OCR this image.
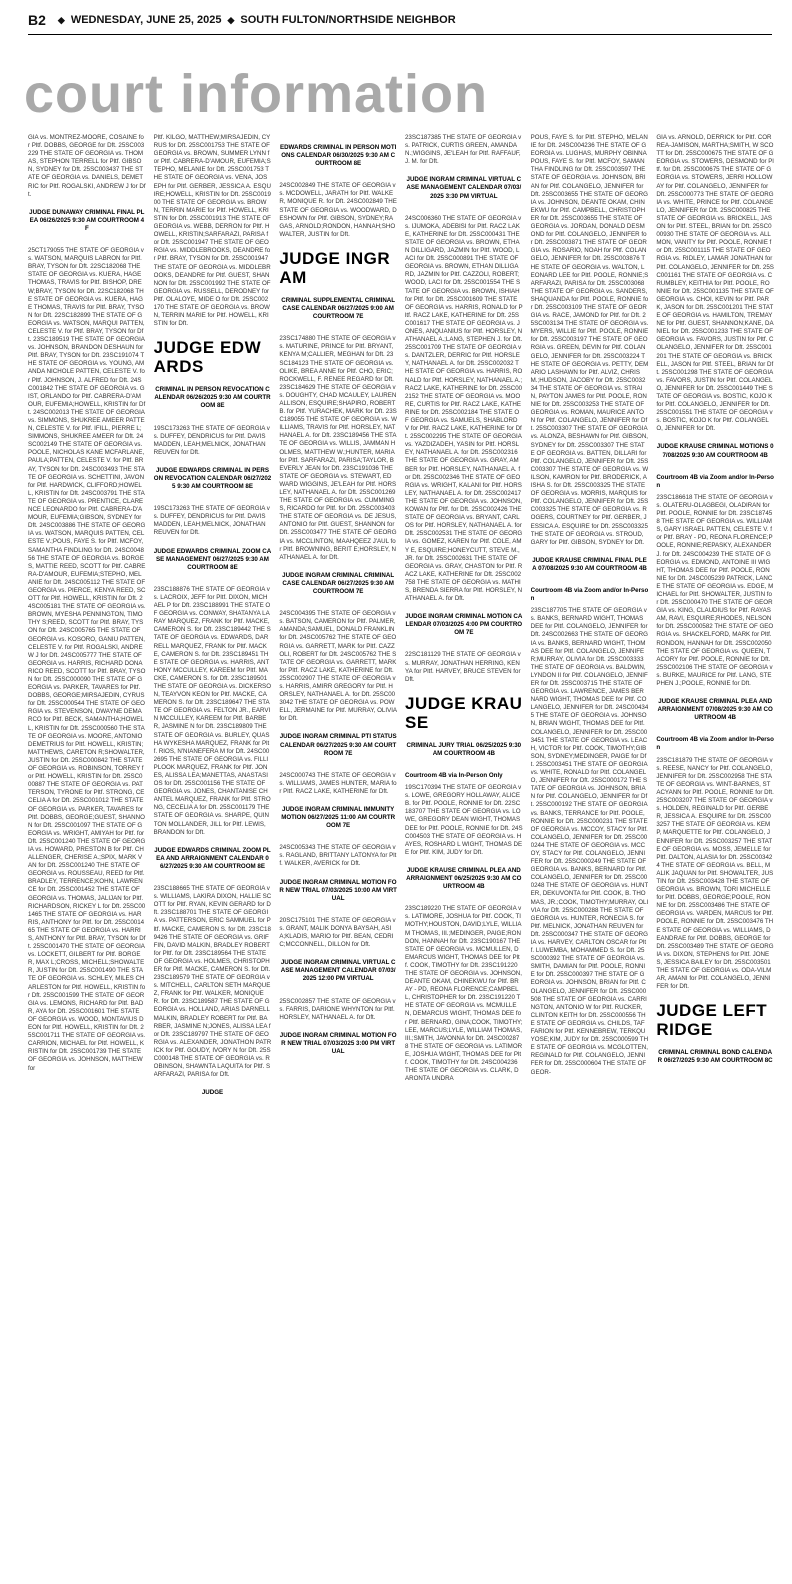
B2 ◆ WEDNESDAY, JUNE 25, 2025 ◆ SOUTH FULTON/NORTHSIDE NEIGHBOR
court information

GIA vs. MONTREZ-MOORE, COSAINE for Pltf. DOBBS, GEORGE for Dft. 25SC003229 THE STATE OF GEORGIA vs. THOMAS, STEPHON TERRELL for Pltf. GIBSON, SYDNEY for Dft. 25SC003437 THE STATE OF GEORGIA vs. DANIELS, DEMETRIC for Pltf. ROGALSKI, ANDREW J for Dft.

JUDGE DUNAWAY CRIMINAL FINAL PLEA 06/26/2025 9:30 AM COURTROOM 4F

25CT179055 THE STATE OF GEORGIA vs. WATSON, MARQUIS LABRON for Pltf. BRAY, TYSON for Dft. 22SC182068 THE STATE OF GEORGIA vs. KUERA, HAGE THOMAS, TRAVIS for Pltf. BISHOP, DREW;BRAY, TYSON for Dft. 22SC182068 THE STATE OF GEORGIA vs. KUERA, HAGE THOMAS, TRAVIS for Pltf. BRAY, TYSON for Dft. 22SC182899 THE STATE OF GEORGIA vs. WATSON, MARQUI PATTEN, CELESTE V. for Pltf. BRAY, TYSON for Dft. 23SC189519 THE STATE OF GEORGIA vs. JOHNSON, BRANDON DESHAUN for Pltf. BRAY, TYSON for Dft. 23SC191074 THE STATE OF GEORGIA vs. YOUNG, AMANDA NICHOLE PATTEN, CELESTE V. for Pltf. JOHNSON, J. ALFRED for Dft. 24SC001842 THE STATE OF GEORGIA vs. GIST, ORLANDO for Pltf. CABRERA-D'AMOUR, EUFEMIA;HOWELL, KRISTIN for Dft. 24SC002013 THE STATE OF GEORGIA vs. SIMMONS, SHUKREE AMEER PATTEN, CELESTE V. for Pltf. IFILL, PIERRE L;SIMMONS, SHUKREE AMEER for Dft. 24SC002149 THE STATE OF GEORGIA vs. POOLE, NICHOLAS KANE MCFARLANE, PAULA;PATTEN, CELESTE V. for Pltf. BRAY, TYSON for Dft. 24SC003493 THE STATE OF GEORGIA vs. SCHETTINI, JAVON for Pltf. HARDWICK, CLIFFORD;HOWELL, KRISTIN for Dft. 24SC003791 THE STATE OF GEORGIA vs. PRENTICE, CLARENCE LEONARDO for Pltf. CABRERA-D'AMOUR, EUFEMIA;GIBSON, SYDNEY for Dft. 24SC003886 THE STATE OF GEORGIA vs. WATSON, MARQUIS PATTEN, CELESTE V.;POUS, FAYE S. for Pltf. MCFOY, SAMANTHA FINDLING for Dft. 24SC004856 THE STATE OF GEORGIA vs. BORGES, MATTIE REED, SCOTT for Pltf. CABRERA-D'AMOUR, EUFEMIA;STEPHO, MELANIE for Dft. 24SC005112 THE STATE OF GEORGIA vs. PIERCE, KENYA REED, SCOTT for Pltf. HOWELL, KRISTIN for Dft. 24SC005181 THE STATE OF GEORGIA vs. BROWN, MYESHA PENNINGTON, TIMOTHY S;REED, SCOTT for Pltf. BRAY, TYSON for Dft. 24SC005765 THE STATE OF GEORGIA vs. KOSORO, GANIU PATTEN, CELESTE V. for Pltf. ROGALSKI, ANDREW J for Dft. 24SC005777 THE STATE OF GEORGIA vs. HARRIS, RICHARD DONARICO REED, SCOTT for Pltf. BRAY, TYSON for Dft. 25SC000090 THE STATE OF GEORGIA vs. PARKER, TAVARES for Pltf. DOBBS, GEORGE;MIRSAJEDIN, CYRUS for Dft. 25SC000544 THE STATE OF GEORGIA vs. STEVENSON, DWAYNE DEMARCO for Pltf. BECK, SAMANTHA;HOWELL, KRISTIN for Dft. 25SC000560 THE STATE OF GEORGIA vs. MOORE, ANTONIO DEMETRIUS for Pltf. HOWELL, KRISTIN;MATTHEWS, CARETON R;SHOWALTER, JUSTIN for Dft. 25SC000842 THE STATE OF GEORGIA vs. ROBINSON, TORREY for Pltf. HOWELL, KRISTIN for Dft. 25SC000887 THE STATE OF GEORGIA vs. PATTERSON, TYRONE for Pltf. STRONG, CECELIA A for Dft. 25SC001012 THE STATE OF GEORGIA vs. PARKER, TAVARES for Pltf. DOBBS, GEORGE;GUEST, SHANNON for Dft. 25SC001097 THE STATE OF GEORGIA vs. WRIGHT, AMIYAH for Pltf. for Dft. 25SC001240 THE STATE OF GEORGIA vs. HOWARD, PRESTON B for Pltf. CHALLENGER, CHERISE A.;SPIX, MARK VAN for Dft. 25SC001240 THE STATE OF GEORGIA vs. ROUSSEAU, REED for Pltf. BRADLEY, TERRENCE;KOHN, LAWRENCE for Dft. 25SC001452 THE STATE OF GEORGIA vs. THOMAS, JALIJAN for Pltf. RICHARDSON, RICKEY L for Dft. 25SC001465 THE STATE OF GEORGIA vs. HARRIS, ANTHONY for Pltf. for Dft. 25SC001465 THE STATE OF GEORGIA vs. HARRIS, ANTHONY for Pltf. BRAY, TYSON for Dft. 25SC001470 THE STATE OF GEORGIA vs. LOCKETT, GILBERT for Pltf. BORGER, MAX L;CROSS, MICHELL;SHOWALTER, JUSTIN for Dft. 25SC001490 THE STATE OF GEORGIA vs. SCHLEY, MILES CHARLESTON for Pltf. HOWELL, KRISTIN for Dft. 25SC001599 THE STATE OF GEORGIA vs. LEMONS, RICHARD for Pltf. BADR, AYA for Dft. 25SC001601 THE STATE OF GEORGIA vs. WOOD, MONTAVIUS DEON for Pltf. HOWELL, KRISTIN for Dft. 25SC001711 THE STATE OF GEORGIA vs. CARRION, MICHAEL for Pltf. HOWELL, KRISTIN for Dft. 25SC001739 THE STATE OF GEORGIA vs. JOHNSON, MATTHEW for

Pltf. KILGO, MATTHEW;MIRSAJEDIN, CYRUS for Dft. 25SC001753 THE STATE OF GEORGIA vs. BROWN, SUMMER LYNN for Pltf. CABRERA-D'AMOUR, EUFEMIA;STEPHO, MELANIE for Dft. 25SC001753 THE STATE OF GEORGIA vs. VENA, JOSEPH for Pltf. GERBER, JESSICA A. ESQUIRE;HOWELL, KRISTIN for Dft. 25SC001900 THE STATE OF GEORGIA vs. BROWN, TERRIN MARIE for Pltf. HOWELL, KRISTIN for Dft. 25SC001913 THE STATE OF GEORGIA vs. WEBB, DERRON for Pltf. HOWELL, KRISTIN;SARFARAZI, PARISA for Dft. 25SC001947 THE STATE OF GEORGIA vs. MIDDLEBROOKS, DEANDRE for Pltf. BRAY, TYSON for Dft. 25SC001947 THE STATE OF GEORGIA vs. MIDDLEBROOKS, DEANDRE for Pltf. GUEST, SHANNON for Dft. 25SC001992 THE STATE OF GEORGIA vs. RUSSELL, DERODNEY for Pltf. OLALOYE, MIDE O for Dft. 25SC002170 THE STATE OF GEORGIA vs. BROWN, TERRIN MARIE for Pltf. HOWELL, KRISTIN for Dft.

JUDGE EDWARDS
CRIMINAL IN PERSON REVOCATION CALENDAR 06/26/2025 9:30 AM COURTROOM 8E

19SC173263 THE STATE OF GEORGIA vs. DUFFEY, DENDRICUS for Pltf. DAVIS MADDEN, LEAH;MELNICK, JONATHAN REUVEN for Dft.

JUDGE EDWARDS CRIMINAL IN PERSON REVOCATION CALENDAR 06/27/2025 9:30 AM COURTROOM 8E

19SC173263 THE STATE OF GEORGIA vs. DUFFEY, DENDRICUS for Pltf. DAVIS MADDEN, LEAH;MELNICK, JONATHAN REUVEN for Dft.

JUDGE EDWARDS CRIMINAL ZOOM CASE MANAGEMENT 06/27/2025 9:30 AM COURTROOM 8E

23SC188876 THE STATE OF GEORGIA vs. LACROIX, JEFF for Pltf. DIXON, MICHAEL P for Dft. 23SC188991 THE STATE OF GEORGIA vs. CONWAY, SHATANYA LARAY MARQUEZ, FRANK for Pltf. MACKE, CAMERON S. for Dft. 23SC189442 THE STATE OF GEORGIA vs. EDWARDS, DARRELL MARQUEZ, FRANK for Pltf. MACKE, CAMERON S. for Dft. 23SC189451 THE STATE OF GEORGIA vs. HARRIS, ANTHONY MCCULLEY, KAREEM for Pltf. MACKE, CAMERON S. for Dft. 23SC189501 THE STATE OF GEORGIA vs. DICKERSON, TEAYVON KEON for Pltf. MACKE, CAMERON S. for Dft. 23SC189647 THE STATE OF GEORGIA vs. FELTON JR., EARVIN MCCULLEY, KAREEM for Pltf. BARBER, JASMINE N for Dft. 23SC189809 THE STATE OF GEORGIA vs. BURLEY, QUASHA WYKESHA MARQUEZ, FRANK for Pltf. RIOS, N'NIANEFERA M for Dft. 24SC002695 THE STATE OF GEORGIA vs. FILLIPLOOK MARQUEZ, FRANK for Pltf. JONES, ALISSA LEA;MANETTAS, ANASTASIOS for Dft. 25SC001156 THE STATE OF GEORGIA vs. JONES, CHANTANISE CHANTEL MARQUEZ, FRANK for Pltf. STRONG, CECELIA A for Dft. 25SC001179 THE STATE OF GEORGIA vs. SHARPE, QUINTON MOLLANDER, JILL for Pltf. LEWIS, BRANDON for Dft.

JUDGE EDWARDS CRIMINAL ZOOM PLEA AND ARRAIGNMENT CALENDAR 06/27/2025 9:30 AM COURTROOM 8E

23SC188665 THE STATE OF GEORGIA vs. WILLIAMS, LAKIRA DIXON, HALLIE SCOTT for Pltf. RYAN, KEVIN GERARD for Dft. 23SC188701 THE STATE OF GEORGIA vs. PATTERSON, ERIC SAMMUEL for Pltf. MACKE, CAMERON S. for Dft. 23SC189426 THE STATE OF GEORGIA vs. GRIFFIN, DAVID MALKIN, BRADLEY ROBERT for Pltf. for Dft. 23SC189564 THE STATE OF GEORGIA vs. HOLMES, CHRISTOPHER for Pltf. MACKE, CAMERON S. for Dft. 23SC189579 THE STATE OF GEORGIA vs. MITCHELL, CARLTON SETH MARQUEZ, FRANK for Pltf. WALKER, MONIQUE R. for Dft. 23SC189587 THE STATE OF GEORGIA vs. HOLLAND, ARIAS DARNELL MALKIN, BRADLEY ROBERT for Pltf. BARBER, JASMINE N;JONES, ALISSA LEA for Dft. 23SC189797 THE STATE OF GEORGIA vs. ALEXANDER, JONATHON PATRICK for Pltf. GOUDY, IVORY N for Dft. 25SC000148 THE STATE OF GEORGIA vs. ROBINSON, SHAWNTA LAQUITA for Pltf. SARFARAZI, PARISA for Dft.

JUDGE
EDWARDS CRIMINAL IN PERSON MOTIONS CALENDAR 06/30/2025 9:30 AM COURTROOM 8E

24SC002849 THE STATE OF GEORGIA vs. MCDOWELL, JARATH for Pltf. WALKER, MONIQUE R. for Dft. 24SC002849 THE STATE OF GEORGIA vs. WOODWARD, DESHOWN for Pltf. GIBSON, SYDNEY;RAGAS, ARNOLD;RONDON, HANNAH;SHOWALTER, JUSTIN for Dft.

JUDGE INGRAM
CRIMINAL SUPPLEMENTAL CRIMINAL CASE CALENDAR 06/27/2025 9:00 AM COURTROOM 7E

23SC174880 THE STATE OF GEORGIA vs. MATURINE, PRINCE for Pltf. BRYANT, KENYA M;CALLIER, MEGHAN for Dft. 23SC184123 THE STATE OF GEORGIA vs. OLIKE, BREA ANNE for Pltf. CHO, ERIC;ROCKWELL, F. RENEE REGARD for Dft. 23SC184629 THE STATE OF GEORGIA vs. DOUGHTY, CHAD MCAULEY, LAUREN ALLISON, ESQUIRE;SHAPIRO, ROBERT B. for Pltf. YURACHEK, MARK for Dft. 23SC189055 THE STATE OF GEORGIA vs. WILLIAMS, TRAVIS for Pltf. HORSLEY, NATHANAEL A. for Dft. 23SC189456 THE STATE OF GEORGIA vs. WILLIS, JAMMAN HOLMES, MATTHEW W.;HUNTER, MARIA for Pltf. SARFARAZI, PARISA;TAYLOR, BEVERLY JEAN for Dft. 23SC191036 THE STATE OF GEORGIA vs. STEWART, EDWARD WIGGINS, JE'LEAH for Pltf. HORSLEY, NATHANAEL A. for Dft. 25SC001269 THE STATE OF GEORGIA vs. CUMMINGS, RICARDO for Pltf. for Dft. 25SC003403 THE STATE OF GEORGIA vs. DE JESUS, ANTONIO for Pltf. GUEST, SHANNON for Dft. 25SC003477 THE STATE OF GEORGIA vs. MCCLINTON, MAAHQEEZ J'AUL for Pltf. BROWNING, BERIT E;HORSLEY, NATHANAEL A. for Dft.

JUDGE INGRAM CRIMINAL CRIMINAL CASE CALENDAR 06/27/2025 9:30 AM COURTROOM 7E

24SC004395 THE STATE OF GEORGIA vs. BATSON, CAMERON for Pltf. PALMER, AMANDA;SAMUEL, DONALD FRANKLIN for Dft. 24SC005762 THE STATE OF GEORGIA vs. GARRETT, MARK for Pltf. CAZZOLI, ROBERT for Dft. 24SC005762 THE STATE OF GEORGIA vs. GARRETT, MARK for Pltf. RACZ LAKE, KATHERINE for Dft. 25SC002907 THE STATE OF GEORGIA vs. HARRIS, AMIRR GREGORY for Pltf. HORSLEY, NATHANAEL A. for Dft. 25SC003042 THE STATE OF GEORGIA vs. POWELL, JERMAINE for Pltf. MURRAY, OLIVIA for Dft.

JUDGE INGRAM CRIMINAL PTI STATUS CALENDAR 06/27/2025 9:30 AM COURTROOM 7E

24SC000743 THE STATE OF GEORGIA vs. WILLIAMS, JAMES HUNTER, MARIA for Pltf. RACZ LAKE, KATHERINE for Dft.

JUDGE INGRAM CRIMINAL IMMUNITY MOTION 06/27/2025 11:00 AM COURTROOM 7E

24SC005343 THE STATE OF GEORGIA vs. RAGLAND, BRITTANY LATONYA for Pltf. WALKER, AVERICK for Dft.

JUDGE INGRAM CRIMINAL MOTION FOR NEW TRIAL 07/03/2025 10:00 AM VIRTUAL

20SC175101 THE STATE OF GEORGIA vs. GRANT, MALIK DONYA BAYSAH, ASIA;KLADIS, MARIO for Pltf. BEAN, CEDRIC;MCCONNELL, DILLON for Dft.

JUDGE INGRAM CRIMINAL VIRTUAL CASE MANAGEMENT CALENDAR 07/03/2025 12:00 PM VIRTUAL

25SC002857 THE STATE OF GEORGIA vs. FARRIS, DARIONE WHYNTON for Pltf. HORSLEY, NATHANAEL A. for Dft.

JUDGE INGRAM CRIMINAL MOTION FOR NEW TRIAL 07/03/2025 3:00 PM VIRTUAL

23SC187385 THE STATE OF GEORGIA vs. PATRICK, CURTIS GREEN, AMANDA N.;WIGGINS, JE'LEAH for Pltf. RAFFAUF, J. M. for Dft.

JUDGE INGRAM CRIMINAL VIRTUAL CASE MANAGEMENT CALENDAR 07/03/2025 3:30 PM VIRTUAL

24SC006360 THE STATE OF GEORGIA vs. IJUMOKA, ADEBISI for Pltf. RACZ LAKE, KATHERINE for Dft. 25SC000431 THE STATE OF GEORGIA vs. BROWN, ETHAN DILLIGARD, JAZMIN for Pltf. WOOD, LACI for Dft. 25SC000891 THE STATE OF GEORGIA vs. BROWN, ETHAN DILLIGARD, JAZMIN for Pltf. CAZZOLI, ROBERT;WOOD, LACI for Dft. 25SC001554 THE STATE OF GEORGIA vs. BROWN, ISHIAH for Pltf. for Dft. 25SC001609 THE STATE OF GEORGIA vs. HARRIS, RONALD for Pltf. RACZ LAKE, KATHERINE for Dft. 25SC001617 THE STATE OF GEORGIA vs. JONES, ANQUANIUS for Pltf. HORSLEY, NATHANAEL A.;LANG, STEPHEN J. for Dft. 25SC001709 THE STATE OF GEORGIA vs. DANTZLER, DERRIC for Pltf. HORSLEY, NATHANAEL A. for Dft. 25SC002032 THE STATE OF GEORGIA vs. HARRIS, RONALD for Pltf. HORSLEY, NATHANAEL A.;RACZ LAKE, KATHERINE for Dft. 25SC002152 THE STATE OF GEORGIA vs. MOORE, CURTIS for Pltf. RACZ LAKE, KATHERINE for Dft. 25SC002184 THE STATE OF GEORGIA vs. SAMUELS, SHABLORD V for Pltf. RACZ LAKE, KATHERINE for Dft. 25SC002295 THE STATE OF GEORGIA vs. YAZDIZADEH, YASIN for Pltf. HORSLEY, NATHANAEL A. for Dft. 25SC002316 THE STATE OF GEORGIA vs. GRAY, AMBER for Pltf. HORSLEY, NATHANAEL A. for Dft. 25SC002346 THE STATE OF GEORGIA vs. WRIGHT, KALANI for Pltf. HORSLEY, NATHANAEL A. for Dft. 25SC002417 THE STATE OF GEORGIA vs. JOHNSON, KOWAN for Pltf. for Dft. 25SC002426 THE STATE OF GEORGIA vs. BRYANT, CARLOS for Pltf. HORSLEY, NATHANAEL A. for Dft. 25SC002531 THE STATE OF GEORGIA vs. GOMEZ, KAREN for Pltf. COLE, AMY E, ESQUIRE;HONEYCUTT, STEVE M., JR. for Dft. 25SC002631 THE STATE OF GEORGIA vs. GRAY, CHASTON for Pltf. RACZ LAKE, KATHERINE for Dft. 25SC002758 THE STATE OF GEORGIA vs. MATHIS, BRENDA SIERRA for Pltf. HORSLEY, NATHANAEL A. for Dft.

JUDGE INGRAM CRIMINAL MOTION CALENDAR 07/03/2025 4:00 PM COURTROOM 7E

22SC181129 THE STATE OF GEORGIA vs. MURRAY, JONATHAN HERRING, KENYA for Pltf. HARVEY, BRUCE STEVEN for Dft.

JUDGE KRAUSE
CRIMINAL JURY TRIAL 06/25/2025 9:30 AM COURTROOM 4B
Courtroom 4B via In-Person Only

19SC170394 THE STATE OF GEORGIA vs. LOWE, GREGORY HOLLAWAY, ALICE B. for Pltf. POOLE, RONNIE for Dft. 22SC183707 THE STATE OF GEORGIA vs. LOWE, GREGORY DEAN WIGHT, THOMAS DEE for Pltf. POOLE, RONNIE for Dft. 24SC004503 THE STATE OF GEORGIA vs. HAYES, ROSHARD L WIGHT, THOMAS DEE for Pltf. KIM, JUDY for Dft.

JUDGE KRAUSE CRIMINAL PLEA AND ARRAIGNMENT 06/25/2025 9:30 AM COURTROOM 4B

23SC189220 THE STATE OF GEORGIA vs. LATIMORE, JOSHUA for Pltf. COOK, TIMOTHY;HOUSTON, DAVID;LYLE, WILLIAM THOMAS, III.;MEDINGER, PAIGE;RONDON, HANNAH for Dft. 23SC190167 THE STATE OF GEORGIA vs. MCMULLEN, DEMARCUS WIGHT, THOMAS DEE for Pltf. COOK, TIMOTHY for Dft. 23SC191220 THE STATE OF GEORGIA vs. JOHNSON, DEANTE OKAM, CHINEKWU for Pltf. BRAY - PD, REONA FLORENCE;CAMPBELL, CHRISTOPHER for Dft. 23SC191220 THE STATE OF GEORGIA vs. MCMULLEN, DEMARCUS WIGHT, THOMAS DEE for Pltf. BERNARD, GINA;COOK, TIMOTHY;LEE, MARCUS;LYLE, WILLIAM THOMAS, III.;SMITH, JAVONNA for Dft. 24SC002878 THE STATE OF GEORGIA vs. LATIMORE, JOSHUA WIGHT, THOMAS DEE for Pltf. COOK, TIMOTHY for Dft. 24SC004236 THE STATE OF GEORGIA vs. CLARK, DARONTA UNDRA

POUS, FAYE S. for Pltf. STEPHO, MELANIE for Dft. 24SC004236 THE STATE OF GEORGIA vs. LUGHAS, MURPHY OBINNA POUS, FAYE S. for Pltf. MCFOY, SAMANTHA FINDLING for Dft. 25SC003597 THE STATE OF GEORGIA vs. JOHNSON, BRIAN for Pltf. COLANGELO, JENNIFER for Dft. 25SC003655 THE STATE OF GEORGIA vs. JOHNSON, DEANTE OKAM, CHINEKWU for Pltf. CAMPBELL, CHRISTOPHER for Dft. 25SC003655 THE STATE OF GEORGIA vs. JORDAN, DONALD DESMOND for Pltf. COLANGELO, JENNIFER for Dft. 25SC003871 THE STATE OF GEORGIA vs. ROSARIO, NOAH for Pltf. COLANGELO, JENNIFER for Dft. 25SC003876 THE STATE OF GEORGIA vs. WALTON, LEONARD LEE for Pltf. POOLE, RONNIE;SARFARAZI, PARISA for Dft. 25SC003068 THE STATE OF GEORGIA vs. SANDERS, SHAQUANDA for Pltf. POOLE, RONNIE for Dft. 25SC003109 THE STATE OF GEORGIA vs. RACE, JAMOND for Pltf. for Dft. 25SC003134 THE STATE OF GEORGIA vs. MYERS, WILLIE for Pltf. POOLE, RONNIE for Dft. 25SC003197 THE STATE OF GEORGIA vs. GREEN, DEVIN for Pltf. COLANGELO, JENNIFER for Dft. 25SC003224 THE STATE OF GEORGIA vs. PETTY, DEMARIO LASHAWN for Pltf. ALVIZ, CHRIS M.;HUDSON, JACOBY for Dft. 25SC003234 THE STATE OF GEORGIA vs. STRAIN, PAYTON JAMES for Pltf. POOLE, RONNIE for Dft. 25SC003253 THE STATE OF GEORGIA vs. ROMAN, MAURICE ANTON for Pltf. COLANGELO, JENNIFER for Dft. 25SC003307 THE STATE OF GEORGIA vs. ALONZA, BESHAWN for Pltf. GIBSON, SYDNEY for Dft. 25SC003307 THE STATE OF GEORGIA vs. BATTEN, DILLARI for Pltf. COLANGELO, JENNIFER for Dft. 25SC003307 THE STATE OF GEORGIA vs. WILSON, KAMRON for Pltf. BRODERICK, AISHA S. for Dft. 25SC003325 THE STATE OF GEORGIA vs. MORRIS, MARQUIS for Pltf. COLANGELO, JENNIFER for Dft. 25SC003325 THE STATE OF GEORGIA vs. ROGERS, COURTNEY for Pltf. GERBER, JESSICA A. ESQUIRE for Dft. 25SC003325 THE STATE OF GEORGIA vs. STROUD, GARY for Pltf. GIBSON, SYDNEY for Dft.

JUDGE KRAUSE CRIMINAL FINAL PLEA 07/08/2025 9:30 AM COURTROOM 4B
Courtroom 4B via Zoom and/or In-Person

23SC187705 THE STATE OF GEORGIA vs. BANKS, BERNARD WIGHT, THOMAS DEE for Pltf. COLANGELO, JENNIFER for Dft. 24SC002663 THE STATE OF GEORGIA vs. BANKS, BERNARD WIGHT, THOMAS DEE for Pltf. COLANGELO, JENNIFER;MURRAY, OLIVIA for Dft. 25SC003333 THE STATE OF GEORGIA vs. BALDWIN, LYNDON II for Pltf. COLANGELO, JENNIFER for Dft. 25SC003715 THE STATE OF GEORGIA vs. LAWRENCE, JAMES BERNARD WIGHT, THOMAS DEE for Pltf. COLANGELO, JENNIFER for Dft. 24SC004345 THE STATE OF GEORGIA vs. JOHNSON, BRIAN WIGHT, THOMAS DEE for Pltf. COLANGELO, JENNIFER for Dft. 25SC003451 THE STATE OF GEORGIA vs. LEACH, VICTOR for Pltf. COOK, TIMOTHY;GIBSON, SYDNEY;MEDINGER, PAIGE for Dft. 25SC003451 THE STATE OF GEORGIA vs. WHITE, RONALD for Pltf. COLANGELO, JENNIFER for Dft. 25SC000172 THE STATE OF GEORGIA vs. JOHNSON, BRIAN for Pltf. COLANGELO, JENNIFER for Dft. 25SC000192 THE STATE OF GEORGIA vs. BANKS, TERRANCE for Pltf. POOLE, RONNIE for Dft. 25SC000231 THE STATE OF GEORGIA vs. MCCOY, STACY for Pltf. COLANGELO, JENNIFER for Dft. 25SC000244 THE STATE OF GEORGIA vs. MCCOY, STACY for Pltf. COLANGELO, JENNIFER for Dft. 25SC000249 THE STATE OF GEORGIA vs. BANKS, BERNARD for Pltf. COLANGELO, JENNIFER for Dft. 25SC000248 THE STATE OF GEORGIA vs. HUNTER, DEKUVONTA for Pltf. COOK, B. THOMAS, JR.;COOK, TIMOTHY;MURRAY, OLIVIA for Dft. 25SC000288 THE STATE OF GEORGIA vs. HUNTER, RONECIA S. for Pltf. MELNICK, JONATHAN REUVEN for Dft. 25SC000347 THE STATE OF GEORGIA vs. HARVEY, CARLTON OSCAR for Pltf. LUWEMBA, MOHAMMED S. for Dft. 25SC000392 THE STATE OF GEORGIA vs. SMITH, DAMIAN for Pltf. POOLE, RONNIE for Dft. 25SC000397 THE STATE OF GEORGIA vs. JOHNSON, BRIAN for Pltf. COLANGELO, JENNIFER for Dft. 25SC000508 THE STATE OF GEORGIA vs. CARRINGTON, ANTONIO W for Pltf. RUCKER, CLINTON KEITH for Dft. 25SC000556 THE STATE OF GEORGIA vs. CHILDS, TAFFARION for Pltf. KENNEBREW, TERKQUYOSE;KIM, JUDY for Dft. 25SC000599 THE STATE OF GEORGIA vs. MCGLOTTEN, REGINALD for Pltf. COLANGELO, JENNIFER for Dft. 25SC000604 THE STATE OF GEOR-

GIA vs. ARNOLD, DERRICK for Pltf. CORREA-JAMISON, MARTHA;SMITH, W SCOTT for Dft. 25SC000675 THE STATE OF GEORGIA vs. STOWERS, DESMOND for Pltf. for Dft. 25SC000675 THE STATE OF GEORGIA vs. STOWERS, JERRI HOLLOWAY for Pltf. COLANGELO, JENNIFER for Dft. 25SC000773 THE STATE OF GEORGIA vs. WHITE, PRINCE for Pltf. COLANGELO, JENNIFER for Dft. 25SC000825 THE STATE OF GEORGIA vs. BRICKELL, JASON for Pltf. STEEL, BRIAN for Dft. 25SC000930 THE STATE OF GEORGIA vs. ALLMON, VANITY for Pltf. POOLE, RONNIE for Dft. 25SC001115 THE STATE OF GEORGIA vs. RIDLEY, LAMAR JONATHAN for Pltf. COLANGELO, JENNIFER for Dft. 25SC001161 THE STATE OF GEORGIA vs. CRUMBLEY, KEITHIA for Pltf. POOLE, RONNIE for Dft. 25SC001135 THE STATE OF GEORGIA vs. CHOI, KEVIN for Pltf. PARK, JASON for Dft. 25SC001201 THE STATE OF GEORGIA vs. HAMILTON, TREMAYNE for Pltf. GUEST, SHANNON;KANE, DANIEL for Dft. 25SC001233 THE STATE OF GEORGIA vs. FAVORS, JUSTIN for Pltf. COLANGELO, JENNIFER for Dft. 25SC001201 THE STATE OF GEORGIA vs. BRICKELL, JASON for Pltf. STEEL, BRIAN for Dft. 25SC001298 THE STATE OF GEORGIA vs. FAVORS, JUSTIN for Pltf. COLANGELO, JENNIFER for Dft. 25SC001449 THE STATE OF GEORGIA vs. BOSTIC, KOJO K for Pltf. COLANGELO, JENNIFER for Dft. 25SC001551 THE STATE OF GEORGIA vs. BOSTIC, KOJO K for Pltf. COLANGELO, JENNIFER for Dft.

JUDGE KRAUSE CRIMINAL MOTIONS 07/08/2025 9:30 AM COURTROOM 4B
Courtroom 4B via Zoom and/or In-Person

23SC186618 THE STATE OF GEORGIA vs. OLATERU-OLAGBEGI, OLADIRAN for Pltf. POOLE, RONNIE for Dft. 23SC187458 THE STATE OF GEORGIA vs. WILLIAMS, GARY ISRAEL PATTEN, CELESTE V. for Pltf. BRAY - PD, REONA FLORENCE;POOLE, RONNIE;REPASKY, ALEXANDER J. for Dft. 24SC004239 THE STATE OF GEORGIA vs. EDMOND, ANTOINE III WIGHT, THOMAS DEE for Pltf. POOLE, RONNIE for Dft. 24SC005239 PATRICK, LANCE THE STATE OF GEORGIA vs. EDGE, MICHAEL for Pltf. SHOWALTER, JUSTIN for Dft. 25SC000470 THE STATE OF GEORGIA vs. KING, CLAUDIUS for Pltf. RAYASAM, RAVI, ESQUIRE;RHODES, NELSON for Dft. 25SC000582 THE STATE OF GEORGIA vs. SHACKELFORD, MARK for Pltf. RONDON, HANNAH for Dft. 25SC002050 THE STATE OF GEORGIA vs. QUEEN, TACORY for Pltf. POOLE, RONNIE for Dft. 25SC002106 THE STATE OF GEORGIA vs. BURKE, MAURICE for Pltf. LANG, STEPHEN J.;POOLE, RONNIE for Dft.

JUDGE KRAUSE CRIMINAL PLEA AND ARRAIGNMENT 07/08/2025 9:30 AM COURTROOM 4B
Courtroom 4B via Zoom and/or In-Person

23SC181879 THE STATE OF GEORGIA vs. REESE, NANCY for Pltf. COLANGELO, JENNIFER for Dft. 25SC002958 THE STATE OF GEORGIA vs. WINT-BARNES, STACYANN for Pltf. POOLE, RONNIE for Dft. 25SC003207 THE STATE OF GEORGIA vs. HOLDEN, REGINALD for Pltf. GERBER, JESSICA A. ESQUIRE for Dft. 25SC003257 THE STATE OF GEORGIA vs. KEMP, MARQUETTE for Pltf. COLANGELO, JENNIFER for Dft. 25SC003257 THE STATE OF GEORGIA vs. MOSS, JEMELLE for Pltf. DALTON, ALASIA for Dft. 25SC003424 THE STATE OF GEORGIA vs. BELL, MALIK JAQUAN for Pltf. SHOWALTER, JUSTIN for Dft. 25SC003428 THE STATE OF GEORGIA vs. BROWN, TORI MICHELLE for Pltf. DOBBS, GEORGE;POOLE, RONNIE for Dft. 25SC003486 THE STATE OF GEORGIA vs. VARDEN, MARCUS for Pltf. POOLE, RONNIE for Dft. 25SC003476 THE STATE OF GEORGIA vs. WILLIAMS, DEANDRAE for Pltf. DOBBS, GEORGE for Dft. 25SC003489 THE STATE OF GEORGIA vs. DIXON, STEPHENS for Pltf. JONES, JESSICA BAILEY for Dft. 25SC003501 THE STATE OF GEORGIA vs. ODA-VILMAR, AMANI for Pltf. COLANGELO, JENNIFER for Dft.

JUDGE LEFTRIDGE
CRIMINAL CRIMINAL BOND CALENDAR 06/27/2025 9:30 AM COURTROOM 8C
